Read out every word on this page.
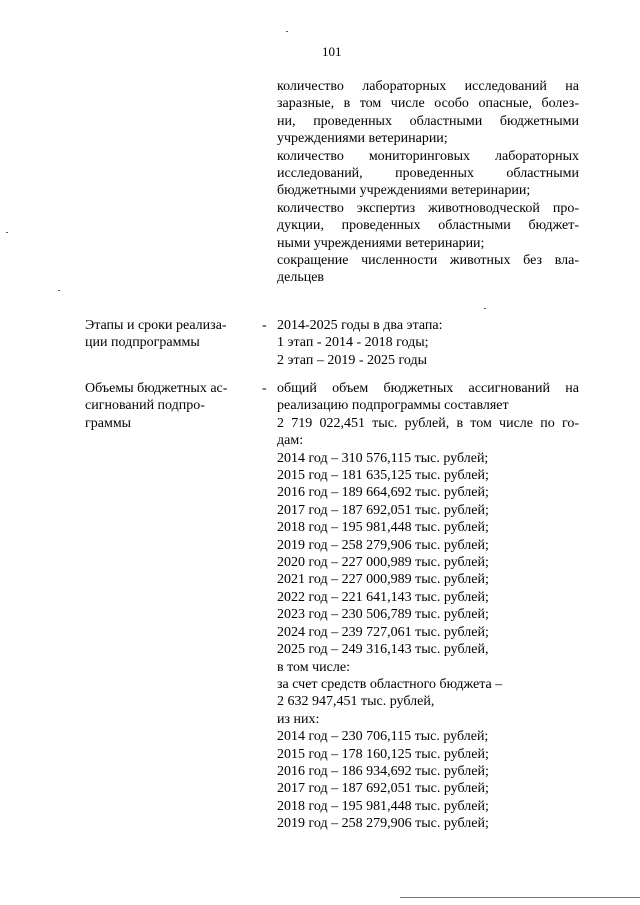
101
количество лабораторных исследований на
заразные, в том числе особо опасные, болез-
ни, проведенных областными бюджетными
учреждениями ветеринарии;
количество мониторинговых лабораторных
исследований, проведенных областными
бюджетными учреждениями ветеринарии;
количество экспертиз животноводческой про-
дукции, проведенных областными бюджет-
ными учреждениями ветеринарии;
сокращение численности животных без вла-
дельцев
Этапы и сроки реализа-
ции подпрограммы
- 2014-2025 годы в два этапа:
1 этап - 2014 - 2018 годы;
2 этап – 2019 - 2025 годы
Объемы бюджетных ас-
сигнований подпро-
граммы
- общий объем бюджетных ассигнований на
реализацию подпрограммы составляет
2 719 022,451 тыс. рублей, в том числе по го-
дам:
2014 год – 310 576,115 тыс. рублей;
2015 год – 181 635,125 тыс. рублей;
2016 год – 189 664,692 тыс. рублей;
2017 год – 187 692,051 тыс. рублей;
2018 год – 195 981,448 тыс. рублей;
2019 год – 258 279,906 тыс. рублей;
2020 год – 227 000,989 тыс. рублей;
2021 год – 227 000,989 тыс. рублей;
2022 год – 221 641,143 тыс. рублей;
2023 год – 230 506,789 тыс. рублей;
2024 год – 239 727,061 тыс. рублей;
2025 год – 249 316,143 тыс. рублей,
в том числе:
за счет средств областного бюджета –
2 632 947,451 тыс. рублей,
из них:
2014 год – 230 706,115 тыс. рублей;
2015 год – 178 160,125 тыс. рублей;
2016 год – 186 934,692 тыс. рублей;
2017 год – 187 692,051 тыс. рублей;
2018 год – 195 981,448 тыс. рублей;
2019 год – 258 279,906 тыс. рублей;
